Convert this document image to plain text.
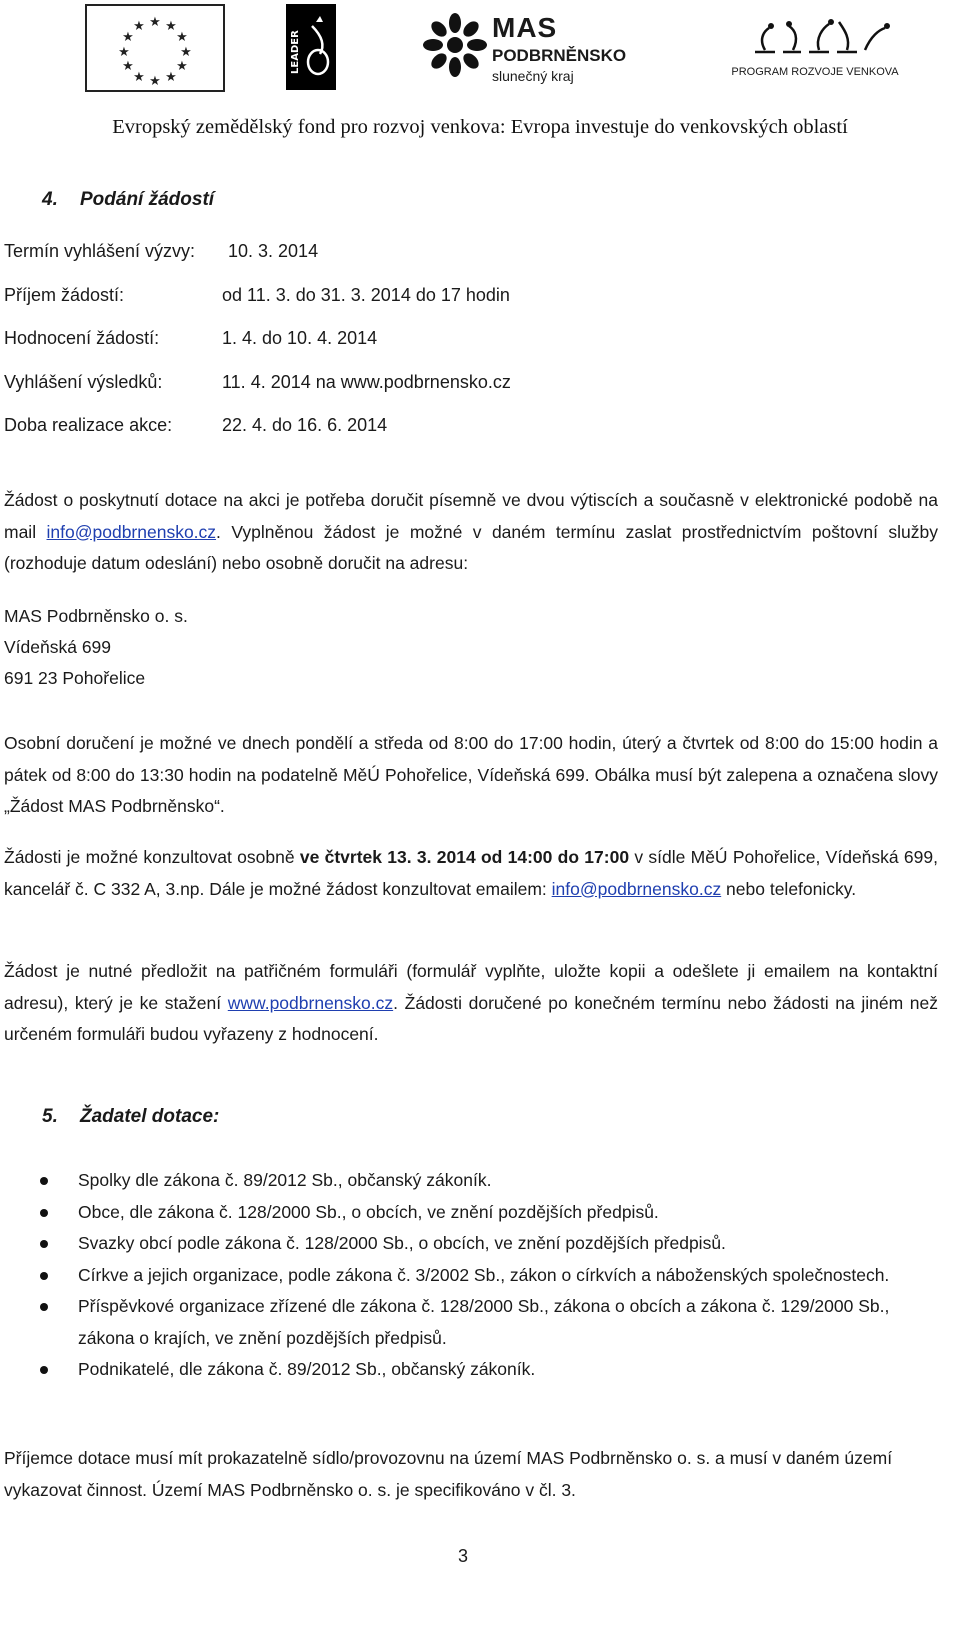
★ ★
★
★
★
★
★
★
★
★
★
★
LEADER
MAS
PODBRNĚNSKO
slunečný kraj	PROGRAM ROZVOJE VENKOVA
Evropský zemědělský fond pro rozvoj venkova: Evropa investuje do venkovských oblastí
4. Podání žádostí
Termín vyhlášení výzvy: 10. 3. 2014
Příjem žádostí:	od 11. 3. do 31. 3. 2014 do 17 hodin
Hodnocení žádostí:	1. 4. do 10. 4. 2014
Vyhlášení výsledků:	11. 4. 2014 na www.podbrnensko.cz
Doba realizace akce:	22. 4. do 16. 6. 2014
Žádost o poskytnutí dotace na akci je potřeba doručit písemně ve dvou výtiscích a současně v elektronické podobě na mail info@podbrnensko.cz. Vyplněnou žádost je možné v daném termínu zaslat prostřednictvím poštovní služby (rozhoduje datum odeslání) nebo osobně doručit na adresu:
MAS Podbrněnsko o. s.
Vídeňská 699
691 23 Pohořelice
Osobní doručení je možné ve dnech pondělí a středa od 8:00 do 17:00 hodin, úterý a čtvrtek od 8:00 do 15:00 hodin a pátek od 8:00 do 13:30 hodin na podatelně MěÚ Pohořelice, Vídeňská 699. Obálka musí být zalepena a označena slovy „Žádost MAS Podbrněnsko“.
Žádosti je možné konzultovat osobně ve čtvrtek 13. 3. 2014 od 14:00 do 17:00 v sídle MěÚ Pohořelice, Vídeňská 699, kancelář č. C 332 A, 3.np. Dále je možné žádost konzultovat emailem: info@podbrnensko.cz nebo telefonicky.
Žádost je nutné předložit na patřičném formuláři (formulář vyplňte, uložte kopii a odešlete ji emailem na kontaktní adresu), který je ke stažení www.podbrnensko.cz. Žádosti doručené po konečném termínu nebo žádosti na jiném než určeném formuláři budou vyřazeny z hodnocení.
5. Žadatel dotace:
Spolky dle zákona č. 89/2012 Sb., občanský zákoník.
Obce, dle zákona č. 128/2000 Sb., o obcích, ve znění pozdějších předpisů.
Svazky obcí podle zákona č. 128/2000 Sb., o obcích, ve znění pozdějších předpisů.
Církve a jejich organizace, podle zákona č. 3/2002 Sb., zákon o církvích a náboženských společnostech.
Příspěvkové organizace zřízené dle zákona č. 128/2000 Sb., zákona o obcích a zákona č. 129/2000 Sb., zákona o krajích, ve znění pozdějších předpisů.
Podnikatelé, dle zákona č. 89/2012 Sb., občanský zákoník.
Příjemce dotace musí mít prokazatelně sídlo/provozovnu na území MAS Podbrněnsko o. s. a musí v daném území vykazovat činnost. Území MAS Podbrněnsko o. s. je specifikováno v čl. 3.
3
